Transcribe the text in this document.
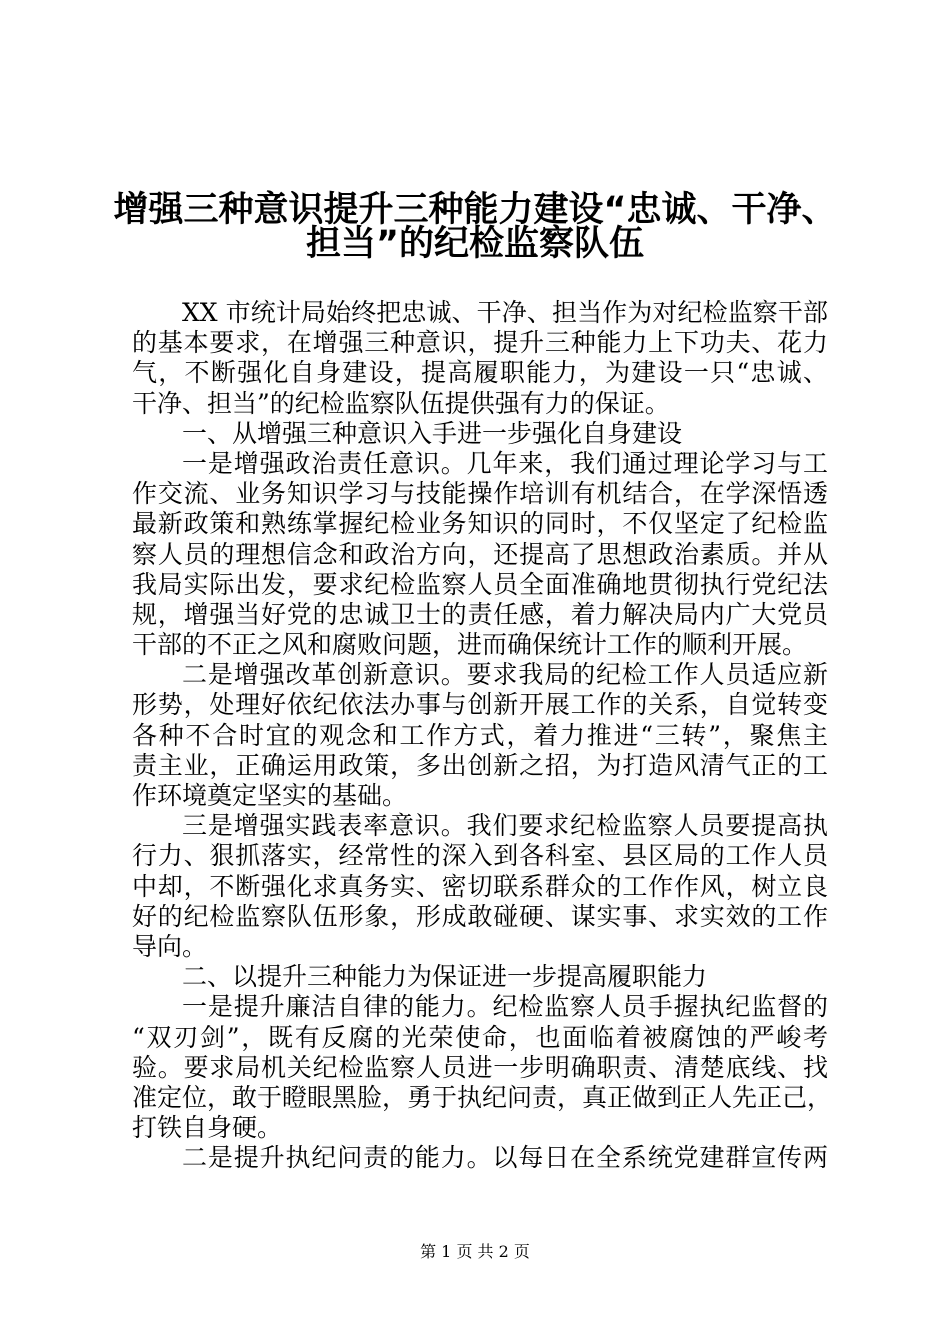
增强三种意识提升三种能力建设“忠诚、干净、
担当”的纪检监察队伍
XX 市统计局始终把忠诚、干净、担当作为对纪检监察干部
的基本要求，在增强三种意识，提升三种能力上下功夫、花力
气，不断强化自身建设，提高履职能力，为建设一只“忠诚、
干净、担当”的纪检监察队伍提供强有力的保证。
一、从增强三种意识入手进一步强化自身建设
一是增强政治责任意识。几年来，我们通过理论学习与工
作交流、业务知识学习与技能操作培训有机结合，在学深悟透
最新政策和熟练掌握纪检业务知识的同时，不仅坚定了纪检监
察人员的理想信念和政治方向，还提高了思想政治素质。并从
我局实际出发，要求纪检监察人员全面准确地贯彻执行党纪法
规，增强当好党的忠诚卫士的责任感，着力解决局内广大党员
干部的不正之风和腐败问题，进而确保统计工作的顺利开展。
二是增强改革创新意识。要求我局的纪检工作人员适应新
形势，处理好依纪依法办事与创新开展工作的关系，自觉转变
各种不合时宜的观念和工作方式，着力推进“三转”，聚焦主
责主业，正确运用政策，多出创新之招，为打造风清气正的工
作环境奠定坚实的基础。
三是增强实践表率意识。我们要求纪检监察人员要提高执
行力、狠抓落实，经常性的深入到各科室、县区局的工作人员
中却，不断强化求真务实、密切联系群众的工作作风，树立良
好的纪检监察队伍形象，形成敢碰硬、谋实事、求实效的工作
导向。
二、以提升三种能力为保证进一步提高履职能力
一是提升廉洁自律的能力。纪检监察人员手握执纪监督的
“双刃剑”，既有反腐的光荣使命，也面临着被腐蚀的严峻考
验。要求局机关纪检监察人员进一步明确职责、清楚底线、找
准定位，敢于瞪眼黑脸，勇于执纪问责，真正做到正人先正己，
打铁自身硬。
二是提升执纪问责的能力。以每日在全系统党建群宣传两
第 1 页 共 2 页
